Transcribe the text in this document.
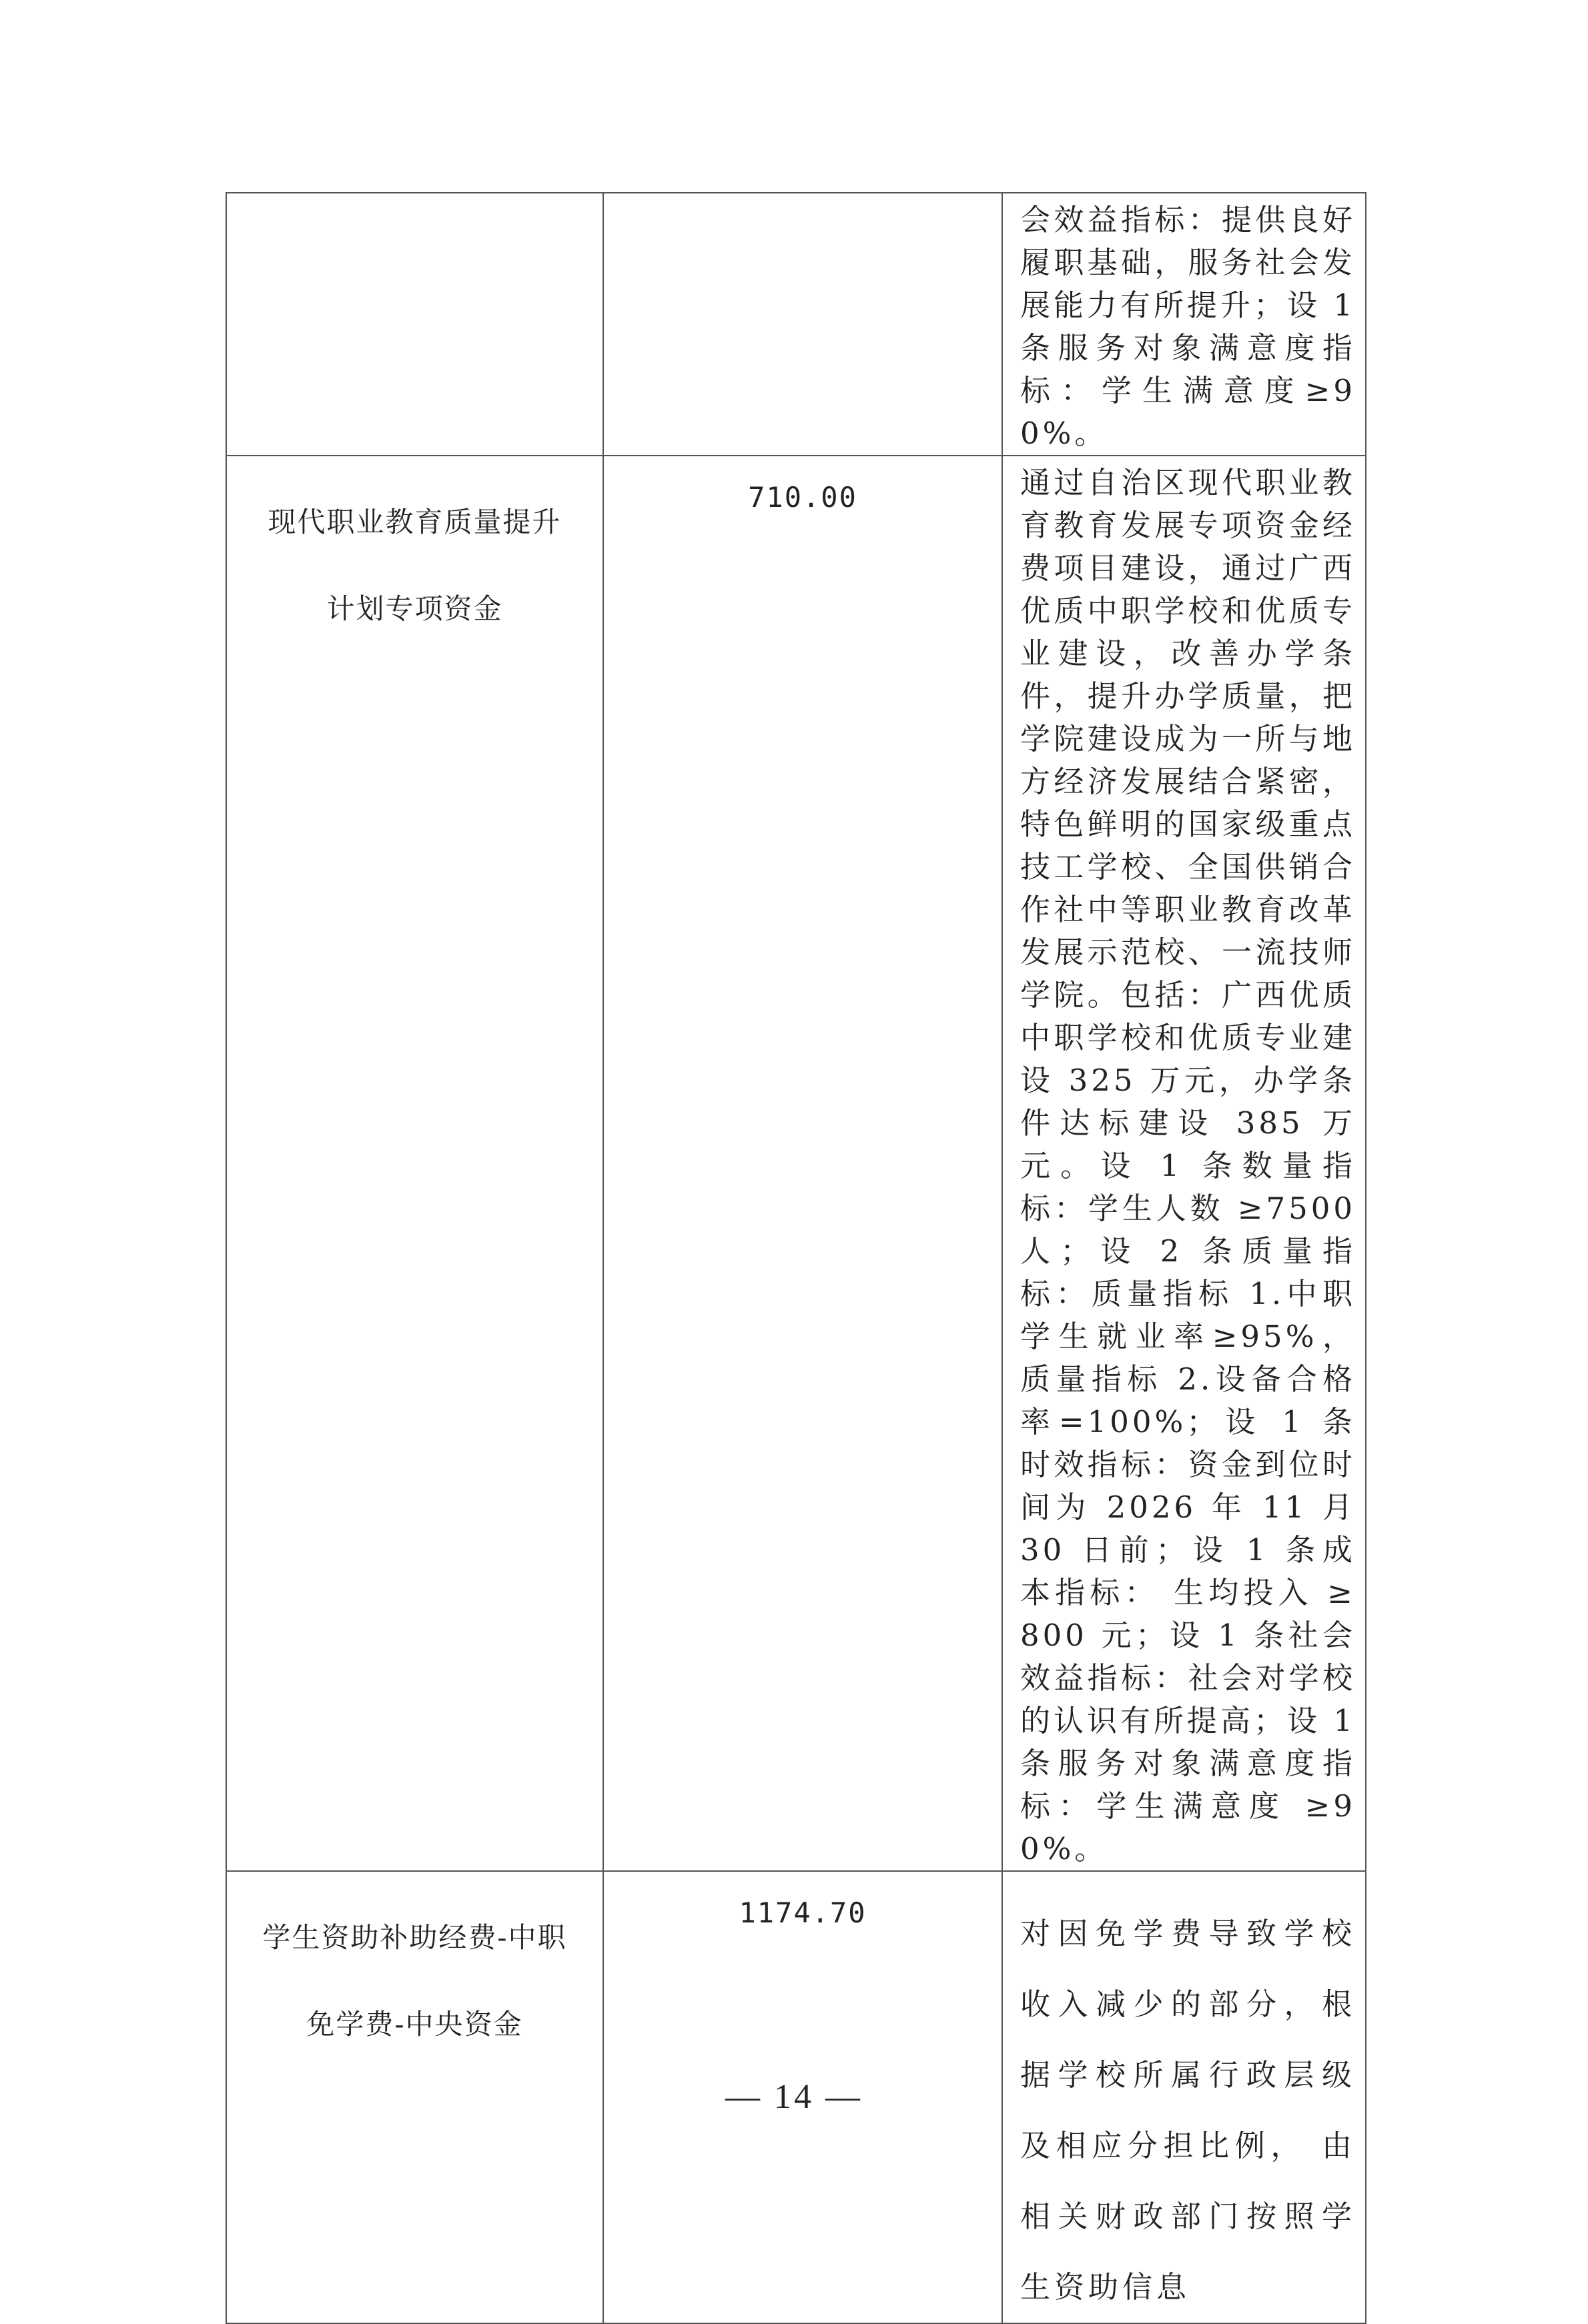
		会效益指标：提供良好履职基础，服务社会发展能力有所提升；设 1 条服务对象满意度指标：学生满意度≥90%。

现代职业教育质量提升
计划专项资金	710.00	通过自治区现代职业教育教育发展专项资金经费项目建设，通过广西优质中职学校和优质专业建设，改善办学条件，提升办学质量，把学院建设成为一所与地方经济发展结合紧密，特色鲜明的国家级重点技工学校、全国供销合作社中等职业教育改革发展示范校、一流技师学院。包括：广西优质中职学校和优质专业建设 325 万元，办学条件达标建设 385 万元。设 1 条数量指标：学生人数 ≥7500 人；设 2 条质量指标：质量指标 1.中职学生就业率≥95%，质量指标 2.设备合格率=100%；设 1 条时效指标：资金到位时间为 2026 年 11 月 30 日前；设 1 条成本指标： 生均投入 ≥800 元；设 1 条社会效益指标：社会对学校的认识有所提高；设 1 条服务对象满意度指标：学生满意度 ≥90%。

学生资助补助经费-中职
免学费-中央资金	1174.70	对因免学费导致学校收入减少的部分，根据学校所属行政层级及相应分担比例， 由相关财政部门按照学生资助信息
— 14 —
